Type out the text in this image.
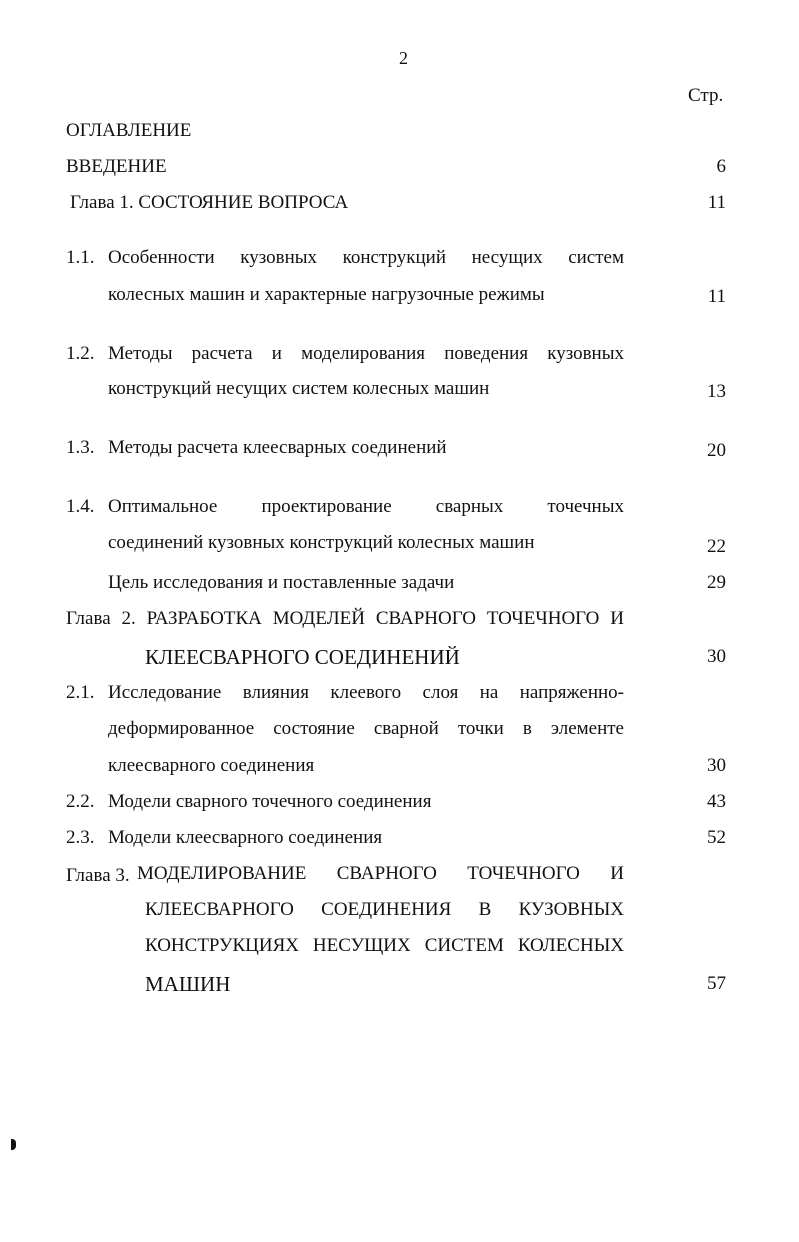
2
Стр.
ОГЛАВЛЕНИЕ
ВВЕДЕНИЕ	6
Глава 1. СОСТОЯНИЕ ВОПРОСА	11
1.1. Особенности кузовных конструкций несущих систем
колесных машин и характерные нагрузочные режимы	11
1.2. Методы расчета и моделирования поведения кузовных
конструкций несущих систем колесных машин	13
1.3. Методы расчета клеесварных соединений	20
1.4. Оптимальное проектирование сварных точечных
соединений кузовных конструкций колесных машин	22
Цель исследования и поставленные задачи	29
Глава 2. РАЗРАБОТКА МОДЕЛЕЙ СВАРНОГО ТОЧЕЧНОГО И
КЛЕЕСВАРНОГО СОЕДИНЕНИЙ	30
2.1. Исследование влияния клеевого слоя на напряженно-
деформированное состояние сварной точки в элементе
клеесварного соединения	30
2.2. Модели сварного точечного соединения	43
2.3. Модели клеесварного соединения	52
Глава 3. МОДЕЛИРОВАНИЕ СВАРНОГО ТОЧЕЧНОГО И
КЛЕЕСВАРНОГО СОЕДИНЕНИЯ В КУЗОВНЫХ
КОНСТРУКЦИЯХ НЕСУЩИХ СИСТЕМ КОЛЕСНЫХ
МАШИН	57
